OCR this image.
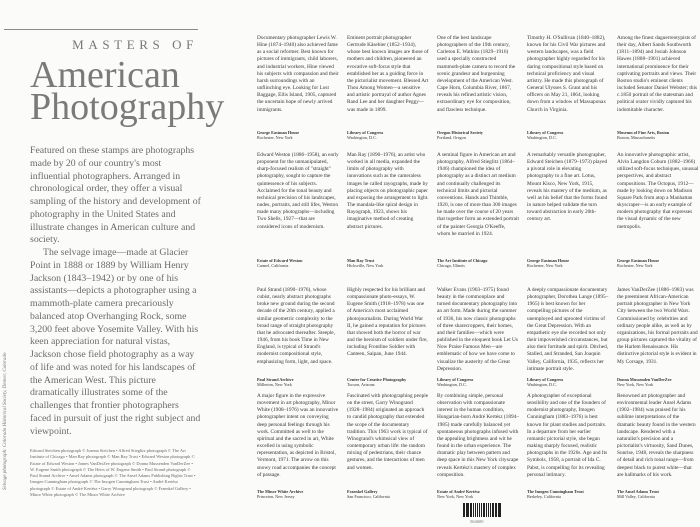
MASTERS OF
American
Photography

Featured on these stamps are photographs made by 20 of our country's most influential photographers. Arranged in chronological order, they offer a visual sampling of the history and development of photography in the United States and illustrate changes in American culture and society.

The selvage image—made at Glacier Point in 1888 or 1889 by William Henry Jackson (1843–1942) or by one of his assistants—depicts a photographer using a mammoth-plate camera precariously balanced atop Overhanging Rock, some 3,200 feet above Yosemite Valley. With his keen appreciation for natural vistas, Jackson chose field photography as a way of life and was noted for his landscapes of the American West. This picture dramatically illustrates some of the challenges that frontier photographers faced in pursuit of just the right subject and viewpoint.

Edward Steichen photograph © Joanna Steichen • Alfred Stieglitz photograph © The Art Institute of Chicago • Man Ray photograph © Man Ray Trust • Edward Weston photograph © Estate of Edward Weston • James VanDerZee photograph © Donna Mussenden VanDerZee • W. Eugene Smith photograph © The Heirs of W. Eugene Smith • Paul Strand photograph © Paul Strand Archive • Ansel Adams photograph © The Ansel Adams Publishing Rights Trust • Imogen Cunningham photograph © The Imogen Cunningham Trust • André Kertész photograph © Estate of André Kertész • Garry Winogrand photograph © Fraenkel Gallery • Minor White photograph © The Minor White Archive
Selvage photograph: Colorado Historical Society, Denver, Colorado
Documentary photographer Lewis W. Hine (1874–1940) also achieved fame as a social reformer. Best known for pictures of immigrants, child laborers, and industrial workers, Hine viewed his subjects with compassion and their harsh surroundings with an unflinching eye. Looking for Lost Baggage, Ellis Island, 1905, captured the uncertain hope of newly arrived immigrants.
George Eastman House
Rochester, New York
Eminent portrait photographer Gertrude Käsebier (1852–1934), whose best known images are those of mothers and children, pioneered an evocative soft-focus style that established her as a guiding force in the pictorialist movement. Blessed Art Thou Among Women—a sensitive and artistic portrayal of author Agnes Rand Lee and her daughter Peggy—was made in 1899.
Library of Congress
Washington, D.C.
One of the best landscape photographers of the 19th century, Carleton E. Watkins (1829–1916) used a specially constructed mammoth-plate camera to record the scenic grandeur and burgeoning development of the American West. Cape Horn, Columbia River, 1867, reveals his refined artistic vision, extraordinary eye for composition, and flawless technique.
Oregon Historical Society
Portland, Oregon
Timothy H. O'Sullivan (1840–1882), known for his Civil War pictures and western landscapes, was a field photographer highly regarded for his daring compositional style based on technical proficiency and visual artistry. He made this photograph of General Ulysses S. Grant and his officers on May 21, 1864, looking down from a window of Massaponax Church in Virginia.
Library of Congress
Washington, D.C.
Among the finest daguerreotypists of their day, Albert Sands Southworth (1811–1894) and Josiah Johnson Hawes (1808–1901) achieved international prominence for their captivating portraits and views. Their Boston studio's eminent clients included Senator Daniel Webster; this c.1850 portrait of the statesman and political orator vividly captured his indomitable character.
Museum of Fine Arts, Boston
Boston, Massachusetts
Edward Weston (1886–1958), an early proponent for the unmanipulated, sharp-focused realism of "straight" photography, sought to capture the quintessence of his subjects. Acclaimed for the tonal beauty and technical precision of his landscapes, nudes, portraits, and still lifes, Weston made many photographs—including Two Shells, 1927—that are considered icons of modernism.
Estate of Edward Weston
Carmel, California
Man Ray (1890–1976), an artist who worked in all media, expanded the limits of photography with innovations such as the cameraless images he called rayographs, made by placing objects on photographic paper and exposing the arrangement to light. The mandala-like spiral design in Rayograph, 1923, shows his imaginative method of creating abstract pictures.
Man Ray Trust
Hicksville, New York
A seminal figure in American art and photography, Alfred Stieglitz (1864–1946) championed the idea of photography as a distinct art medium and continually challenged its technical limits and pictorial conventions. Hands and Thimble, 1920, is one of more than 300 images he made over the course of 20 years that together form an extended portrait of the painter Georgia O'Keeffe, whom he married in 1924.
The Art Institute of Chicago
Chicago, Illinois
A remarkably versatile photographer, Edward Steichen (1879–1973) played a pivotal role in elevating photography to a fine art. Lotus, Mount Kisco, New York, 1915, reveals his mastery of the medium, as well as his belief that the forms found in nature helped validate the turn toward abstraction in early 20th-century art.
George Eastman House
Rochester, New York
An innovative photographic artist, Alvin Langdon Coburn (1882–1966) utilized soft-focus techniques, unusual perspectives, and abstract compositions. The Octopus, 1912—made by looking down on Madison Square Park from atop a Manhattan skyscraper—is an early example of modern photography that expresses the visual dynamic of the new metropolis.
George Eastman House
Rochester, New York
Paul Strand (1890–1976), whose cubist, nearly abstract photographs broke new ground during the second decade of the 20th century, applied a similar geometric complexity to the broad range of straight photography that he advocated thereafter. Steeple, 1946, from his book Time in New England, is typical of Strand's modernist compositional style, emphasizing form, light, and space.
Paul Strand Archive
Millerton, New York
Highly respected for his brilliant and compassionate photo-essays, W. Eugene Smith (1918–1978) was one of America's most acclaimed photojournalists. During World War II, he gained a reputation for pictures that showed both the horror of war and the heroism of soldiers under fire, including Frontline Soldier with Canteen, Saipan, June 1944.
Center for Creative Photography
Tucson, Arizona
Walker Evans (1903–1975) found beauty in the commonplace and turned documentary photography into an art form. Made during the summer of 1936, his now classic photographs of three sharecroppers, their homes, and their families—which were published in the eloquent book Let Us Now Praise Famous Men—are emblematic of how we have come to visualize the austerity of the Great Depression.
Library of Congress
Washington, D.C.
A deeply compassionate documentary photographer, Dorothea Lange (1895–1965) is best known for her compelling pictures of the unemployed and uprooted victims of the Great Depression. With an empathetic eye she recorded not only their impoverished circumstances, but also their fortitude and spirit. Ditched, Stalled, and Stranded, San Joaquin Valley, California, 1935, reflects her intimate portrait style.
Library of Congress
Washington, D.C.
James VanDerZee (1886–1983) was the preeminent African-American portrait photographer in New York City between the two World Wars. Commissioned by celebrities and ordinary people alike, as well as by organizations, his formal portraits and group pictures captured the vitality of the Harlem Renaissance. His distinctive pictorial style is evident in My Corsage, 1931.
Donna Mussenden VanDerZee
New York, New York
A major figure in the expressive movement in art photography, Minor White (1908–1976) was an innovative photographer intent on conveying deep personal feelings through his work. Committed as well to the spiritual and the sacred in art, White excelled in using symbolic representation, as depicted in Bristol, Vermont, 1971. The arrow on this snowy road accompanies the concept of passage.
The Minor White Archive
Princeton, New Jersey
Fascinated with photographing people on the street, Garry Winogrand (1928–1984) originated an approach to candid photography that extended the scope of the documentary tradition. This 1963 work is typical of Winogrand's whimsical view of contemporary urban life: the random mixing of pedestrians, their chance gestures, and the interactions of men and women.
Fraenkel Gallery
San Francisco, California
By combining simple, personal observation with compassionate interest in the human condition, Hungarian-born André Kertész (1894–1985) made carefully balanced yet spontaneous photographs infused with the appealing brightness and wit he found in the urban experience. The dramatic play between pattern and deep space in this New York cityscape reveals Kertész's mastery of complex composition.
Estate of André Kertész
New York, New York
A photographer of exceptional sensibility and one of the founders of modernist photography, Imogen Cunningham (1883–1976) is best known for plant studies and portraits. In a departure from her earlier romantic pictorial style, she began making sharply focused, realistic photographs in the 1920s. Age and Its Symbols, 1958, a portrait of Ida C. Pabst, is compelling for its revealing personal intimacy.
The Imogen Cunningham Trust
Berkeley, California
Renowned art photographer and environmental leader Ansel Adams (1902–1984) was praised for his sublime interpretations of the dramatic beauty found in the western landscape. Rendered with a naturalist's precision and a pictorialist's virtuosity, Sand Dunes, Sunrise, 1948, reveals the sharpness of detail and rich tonal range—from deepest black to purest white—that are hallmarks of his work.
The Ansel Adams Trust
Mill Valley, California
564600
